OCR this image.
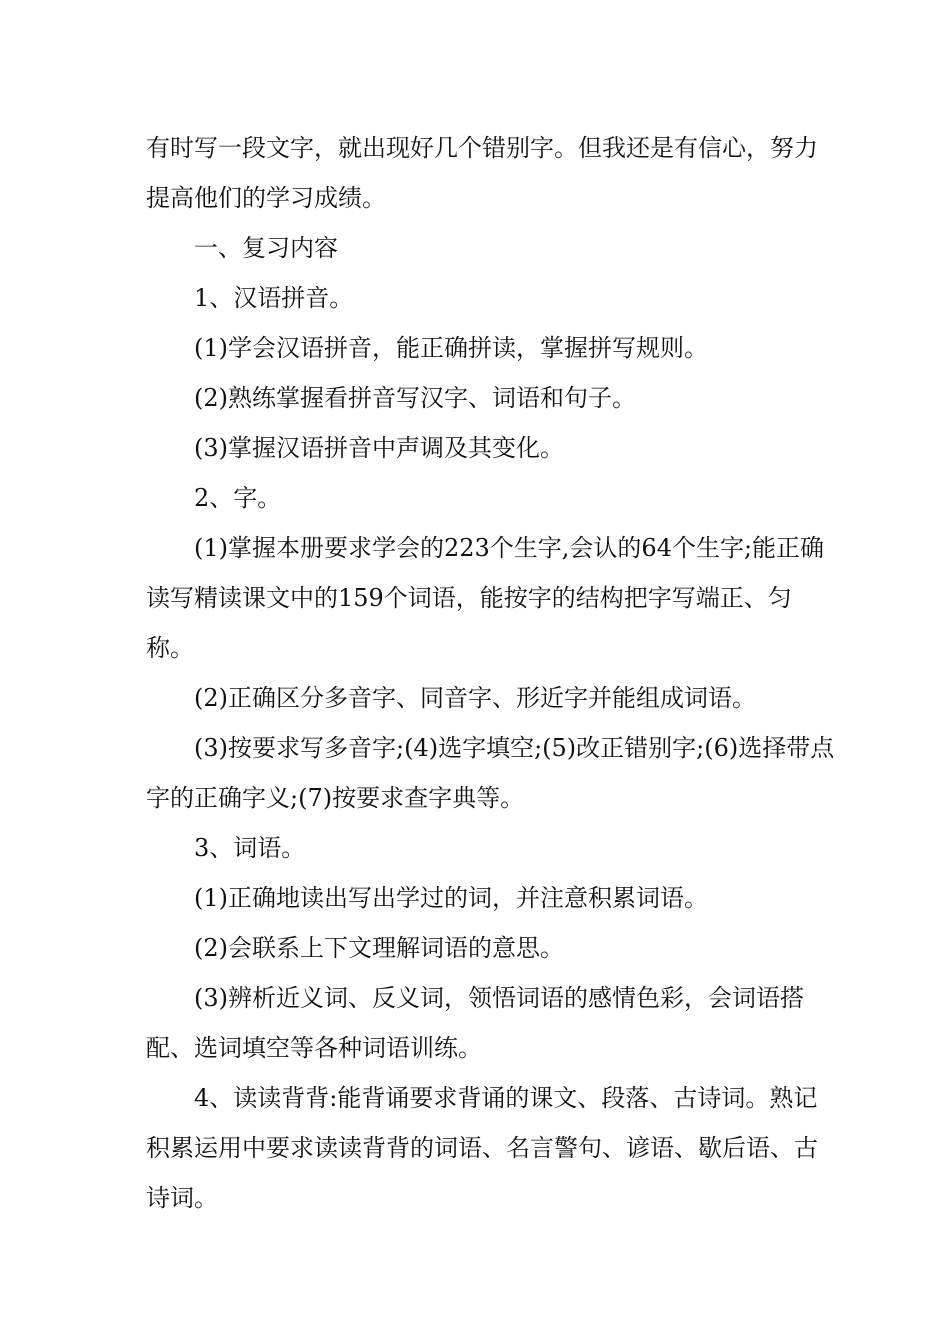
有时写一段文字，就出现好几个错别字。但我还是有信心，努力提高他们的学习成绩。

一、复习内容

1、汉语拼音。

(1)学会汉语拼音，能正确拼读，掌握拼写规则。

(2)熟练掌握看拼音写汉字、词语和句子。

(3)掌握汉语拼音中声调及其变化。

2、字。

(1)掌握本册要求学会的223个生字,会认的64个生字;能正确读写精读课文中的159个词语，能按字的结构把字写端正、匀称。

(2)正确区分多音字、同音字、形近字并能组成词语。

(3)按要求写多音字;(4)选字填空;(5)改正错别字;(6)选择带点字的正确字义;(7)按要求查字典等。

3、词语。

(1)正确地读出写出学过的词，并注意积累词语。

(2)会联系上下文理解词语的意思。

(3)辨析近义词、反义词，领悟词语的感情色彩，会词语搭配、选词填空等各种词语训练。

4、读读背背:能背诵要求背诵的课文、段落、古诗词。熟记积累运用中要求读读背背的词语、名言警句、谚语、歇后语、古诗词。
